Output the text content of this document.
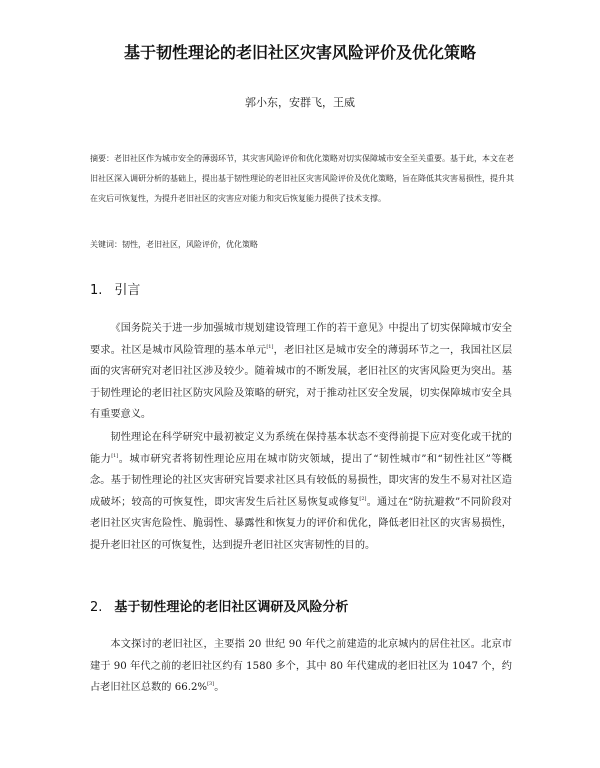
基于韧性理论的老旧社区灾害风险评价及优化策略
郭小东，安群飞，王威

摘要：老旧社区作为城市安全的薄弱环节，其灾害风险评价和优化策略对切实保障城市安全至关重要。基于此，本文在老旧社区深入调研分析的基础上，提出基于韧性理论的老旧社区灾害风险评价及优化策略，旨在降低其灾害易损性，提升其在灾后可恢复性，为提升老旧社区的灾害应对能力和灾后恢复能力提供了技术支撑。

关键词：韧性，老旧社区，风险评价，优化策略

1. 引言

《国务院关于进一步加强城市规划建设管理工作的若干意见》中提出了切实保障城市安全要求。社区是城市风险管理的基本单元[1]，老旧社区是城市安全的薄弱环节之一，我国社区层面的灾害研究对老旧社区涉及较少。随着城市的不断发展，老旧社区的灾害风险更为突出。基于韧性理论的老旧社区防灾风险及策略的研究，对于推动社区安全发展，切实保障城市安全具有重要意义。

韧性理论在科学研究中最初被定义为系统在保持基本状态不变得前提下应对变化或干扰的能力[1]。城市研究者将韧性理论应用在城市防灾领域，提出了“韧性城市”和“韧性社区”等概念。基于韧性理论的社区灾害研究旨要求社区具有较低的易损性，即灾害的发生不易对社区造成破坏；较高的可恢复性，即灾害发生后社区易恢复或修复[2]。通过在“防抗避救”不同阶段对老旧社区灾害危险性、脆弱性、暴露性和恢复力的评价和优化，降低老旧社区的灾害易损性，提升老旧社区的可恢复性，达到提升老旧社区灾害韧性的目的。

2. 基于韧性理论的老旧社区调研及风险分析

本文探讨的老旧社区，主要指 20 世纪 90 年代之前建造的北京城内的居住社区。北京市建于 90 年代之前的老旧社区约有 1580 多个，其中 80 年代建成的老旧社区为 1047 个，约占老旧社区总数的 66.2%[3]。
